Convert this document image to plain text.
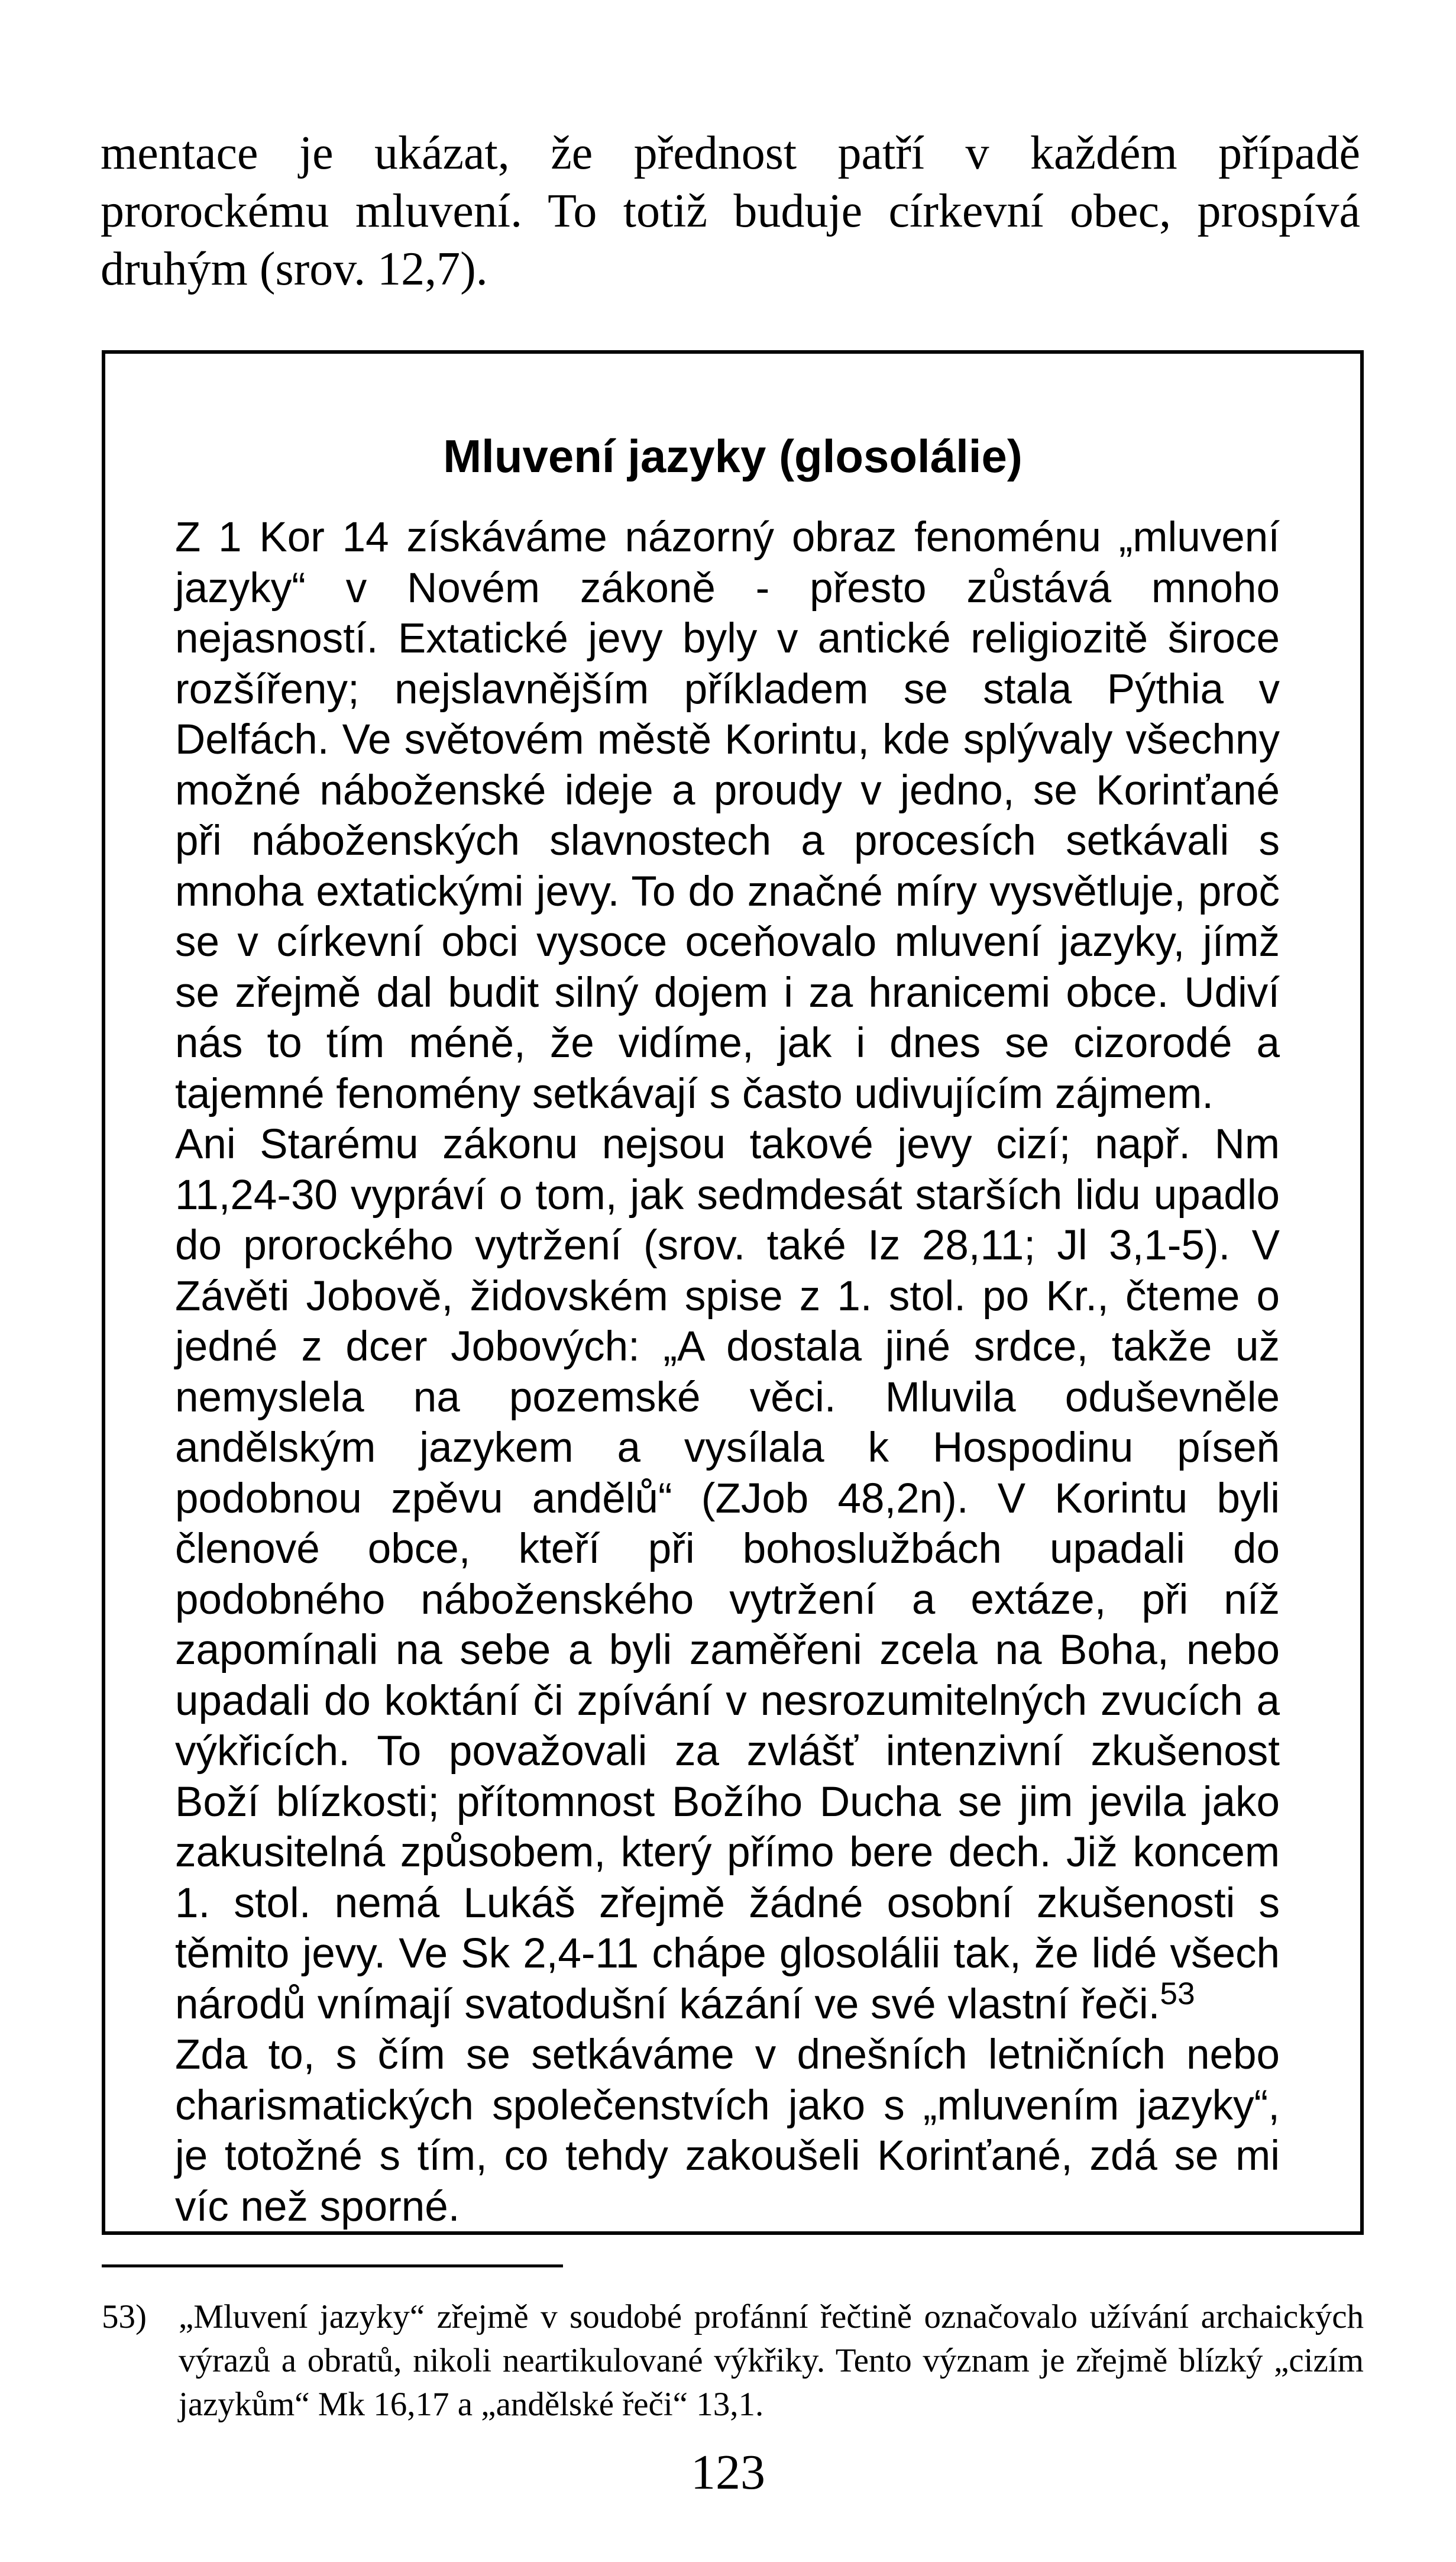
mentace je ukázat, že přednost patří v každém případě prorockému mluvení. To totiž buduje církevní obec, prospívá druhým (srov. 12,7).

Mluvení jazyky (glosolálie)

Z 1 Kor 14 získáváme názorný obraz fenoménu „mluvení jazyky“ v Novém zákoně - přesto zůstává mnoho nejasností. Extatické jevy byly v antické religiozitě široce rozšířeny; nejslavnějším příkladem se stala Pýthia v Delfách. Ve světovém městě Korintu, kde splývaly všechny možné náboženské ideje a proudy v jedno, se Korinťané při náboženských slavnostech a procesích setkávali s mnoha extatickými jevy. To do značné míry vysvětluje, proč se v církevní obci vysoce oceňovalo mluvení jazyky, jímž se zřejmě dal budit silný dojem i za hranicemi obce. Udiví nás to tím méně, že vidíme, jak i dnes se cizorodé a tajemné fenomény setkávají s často udivujícím zájmem.

Ani Starému zákonu nejsou takové jevy cizí; např. Nm 11,24-30 vypráví o tom, jak sedmdesát starších lidu upadlo do prorockého vytržení (srov. také Iz 28,11; Jl 3,1-5). V Závěti Jobově, židovském spise z 1. stol. po Kr., čteme o jedné z dcer Jobových: „A dostala jiné srdce, takže už nemyslela na pozemské věci. Mluvila oduševněle andělským jazykem a vysílala k Hospodinu píseň podobnou zpěvu andělů“ (ZJob 48,2n). V Korintu byli členové obce, kteří při bohoslužbách upadali do podobného náboženského vytržení a extáze, při níž zapomínali na sebe a byli zaměřeni zcela na Boha, nebo upadali do koktání či zpívání v nesrozumitelných zvucích a výkřicích. To považovali za zvlášť intenzivní zkušenost Boží blízkosti; přítomnost Božího Ducha se jim jevila jako zakusitelná způsobem, který přímo bere dech. Již koncem 1. stol. nemá Lukáš zřejmě žádné osobní zkušenosti s těmito jevy. Ve Sk 2,4-11 chápe glosolálii tak, že lidé všech národů vnímají svatodušní kázání ve své vlastní řeči.$^{53}$

Zda to, s čím se setkáváme v dnešních letničních nebo charismatických společenstvích jako s „mluvením jazyky“, je totožné s tím, co tehdy zakoušeli Korinťané, zdá se mi víc než sporné.

53) „Mluvení jazyky“ zřejmě v soudobé profánní řečtině označovalo užívání archaických výrazů a obratů, nikoli neartikulované výkřiky. Tento význam je zřejmě blízký „cizím jazykům“ Mk 16,17 a „andělské řeči“ 13,1.
123
